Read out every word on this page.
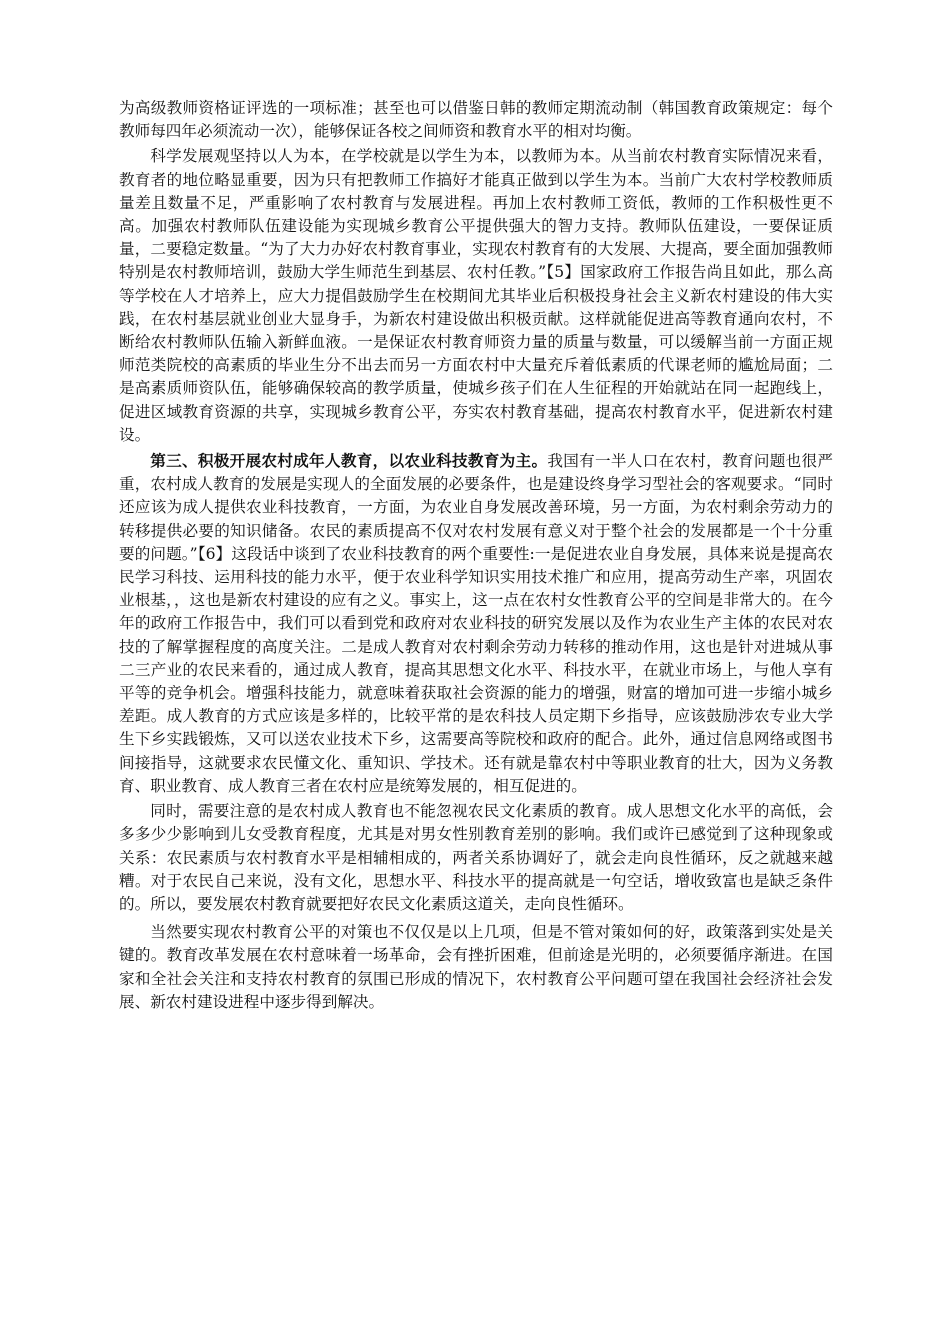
为高级教师资格证评选的一项标准；甚至也可以借鉴日韩的教师定期流动制（韩国教育政策规定：每个教师每四年必须流动一次），能够保证各校之间师资和教育水平的相对均衡。

科学发展观坚持以人为本，在学校就是以学生为本，以教师为本。从当前农村教育实际情况来看，教育者的地位略显重要，因为只有把教师工作搞好才能真正做到以学生为本。当前广大农村学校教师质量差且数量不足，严重影响了农村教育与发展进程。再加上农村教师工资低，教师的工作积极性更不高。加强农村教师队伍建设能为实现城乡教育公平提供强大的智力支持。教师队伍建设，一要保证质量，二要稳定数量。“为了大力办好农村教育事业，实现农村教育有的大发展、大提高，要全面加强教师特别是农村教师培训，鼓励大学生师范生到基层、农村任教。”【5】国家政府工作报告尚且如此，那么高等学校在人才培养上，应大力提倡鼓励学生在校期间尤其毕业后积极投身社会主义新农村建设的伟大实践，在农村基层就业创业大显身手，为新农村建设做出积极贡献。这样就能促进高等教育通向农村，不断给农村教师队伍输入新鲜血液。一是保证农村教育师资力量的质量与数量，可以缓解当前一方面正规师范类院校的高素质的毕业生分不出去而另一方面农村中大量充斥着低素质的代课老师的尴尬局面；二是高素质师资队伍，能够确保较高的教学质量，使城乡孩子们在人生征程的开始就站在同一起跑线上，促进区域教育资源的共享，实现城乡教育公平，夯实农村教育基础，提高农村教育水平，促进新农村建设。

第三、积极开展农村成年人教育，以农业科技教育为主。我国有一半人口在农村，教育问题也很严重，农村成人教育的发展是实现人的全面发展的必要条件，也是建设终身学习型社会的客观要求。“同时还应该为成人提供农业科技教育，一方面，为农业自身发展改善环境，另一方面，为农村剩余劳动力的转移提供必要的知识储备。农民的素质提高不仅对农村发展有意义对于整个社会的发展都是一个十分重要的问题。”【6】这段话中谈到了农业科技教育的两个重要性:一是促进农业自身发展，具体来说是提高农民学习科技、运用科技的能力水平，便于农业科学知识实用技术推广和应用，提高劳动生产率，巩固农业根基，，这也是新农村建设的应有之义。事实上，这一点在农村女性教育公平的空间是非常大的。在今年的政府工作报告中，我们可以看到党和政府对农业科技的研究发展以及作为农业生产主体的农民对农技的了解掌握程度的高度关注。二是成人教育对农村剩余劳动力转移的推动作用，这也是针对进城从事二三产业的农民来看的，通过成人教育，提高其思想文化水平、科技水平，在就业市场上，与他人享有平等的竞争机会。增强科技能力，就意味着获取社会资源的能力的增强，财富的增加可进一步缩小城乡差距。成人教育的方式应该是多样的，比较平常的是农科技人员定期下乡指导，应该鼓励涉农专业大学生下乡实践锻炼，又可以送农业技术下乡，这需要高等院校和政府的配合。此外，通过信息网络或图书间接指导，这就要求农民懂文化、重知识、学技术。还有就是靠农村中等职业教育的壮大，因为义务教育、职业教育、成人教育三者在农村应是统筹发展的，相互促进的。

同时，需要注意的是农村成人教育也不能忽视农民文化素质的教育。成人思想文化水平的高低，会多多少少影响到儿女受教育程度，尤其是对男女性别教育差别的影响。我们或许已感觉到了这种现象或关系：农民素质与农村教育水平是相辅相成的，两者关系协调好了，就会走向良性循环，反之就越来越糟。对于农民自己来说，没有文化，思想水平、科技水平的提高就是一句空话，增收致富也是缺乏条件的。所以，要发展农村教育就要把好农民文化素质这道关，走向良性循环。

当然要实现农村教育公平的对策也不仅仅是以上几项，但是不管对策如何的好，政策落到实处是关键的。教育改革发展在农村意味着一场革命，会有挫折困难，但前途是光明的，必须要循序渐进。在国家和全社会关注和支持农村教育的氛围已形成的情况下，农村教育公平问题可望在我国社会经济社会发展、新农村建设进程中逐步得到解决。
